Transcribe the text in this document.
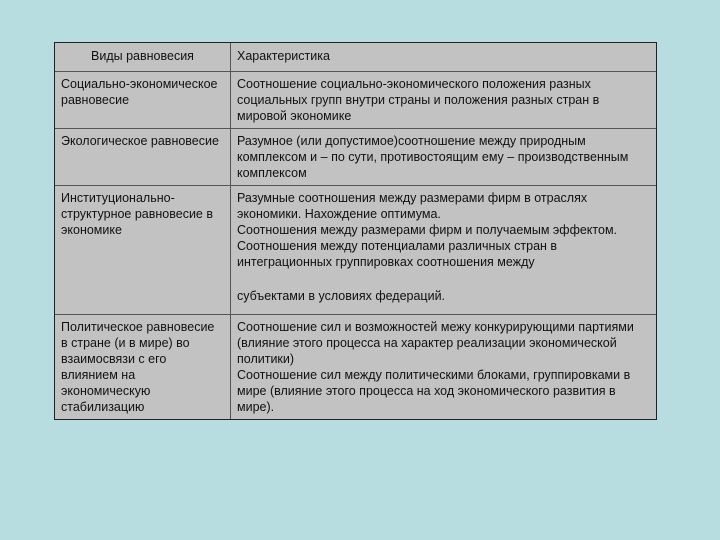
Виды равновесия	Характеристика
Социально-экономическое равновесие

Соотношение социально-экономического положения разных социальных групп внутри страны и положения разных стран в мировой экономике

Экологическое равновесие	Разумное (или допустимое)соотношение между природным комплексом и – по сути, противостоящим ему – производственным комплексом

Институционально-структурное равновесие в экономике

Разумные соотношения между размерами фирм в отраслях экономики. Нахождение оптимума.

Соотношения между размерами фирм и получаемым эффектом.

Соотношения между потенциалами различных стран в интеграционных группировках соотношения между

субъектами в условиях федераций.

Политическое равновесие в стране (и в мире) во взаимосвязи с его влиянием на экономическую стабилизацию

Соотношение сил и возможностей межу конкурирующими партиями (влияние этого процесса на характер реализации экономической политики)

Соотношение сил между политическими блоками, группировками в мире (влияние этого процесса на ход экономического развития в мире).
